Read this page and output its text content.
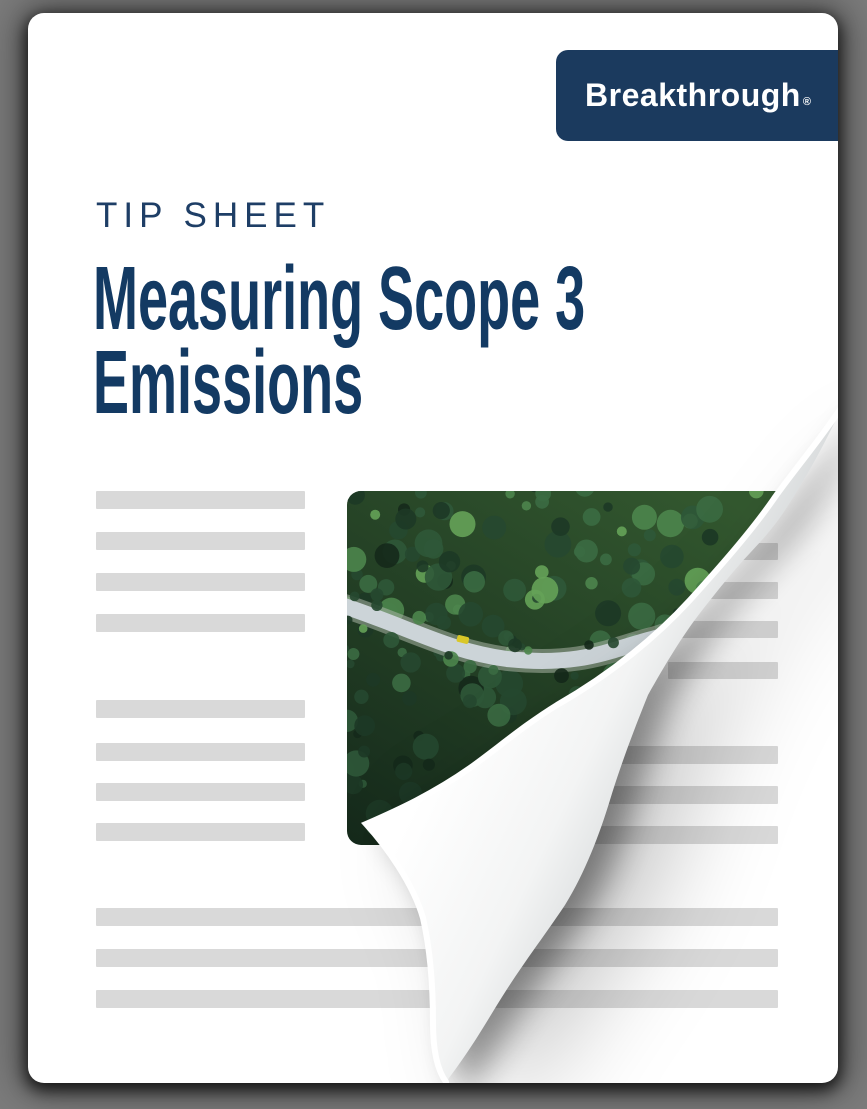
Breakthrough ®
TIP SHEET
Measuring Scope 3
Emissions
